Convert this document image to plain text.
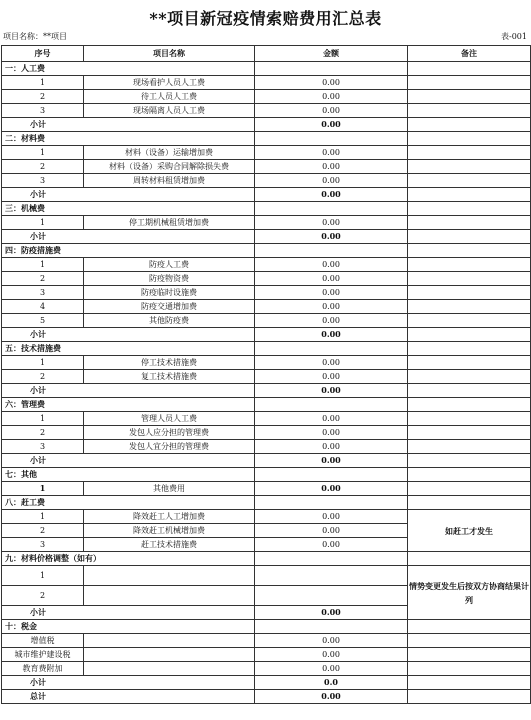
**项目新冠疫情索赔费用汇总表
项目名称：**项目	表-001
序号	项目名称	金额	备注
一：人工费			
1	现场看护人员人工费	0.00	
2	待工人员人工费	0.00	
3	现场隔离人员人工费	0.00	
小计		0.00	
二：材料费			
1	材料（设备）运输增加费	0.00	
2	材料（设备）采购合同解除损失费	0.00	
3	周转材料租赁增加费	0.00	
小计		0.00	
三：机械费			
1	停工期机械租赁增加费	0.00	
小计		0.00	
四：防疫措施费			
1	防疫人工费	0.00	
2	防疫物资费	0.00	
3	防疫临时设施费	0.00	
4	防疫交通增加费	0.00	
5	其他防疫费	0.00	
小计		0.00	
五：技术措施费			
1	停工技术措施费	0.00	
2	复工技术措施费	0.00	
小计		0.00	
六：管理费			
1	管理人员人工费	0.00	
2	发包人应分担的管理费	0.00	
3	发包人宜分担的管理费	0.00	
小计		0.00	
七：其他			
1	其他费用	0.00	
八：赶工费			
1	降效赶工人工增加费	0.00	如赶工才发生
2	降效赶工机械增加费	0.00	
3	赶工技术措施费	0.00	
九：材料价格调整（如有）			
1			情势变更发生后按双方协商结果计列
2			
小计		0.00	
十：税金			
增值税		0.00	
城市维护建设税		0.00	
教育费附加		0.00	
小计		0.0	
总计		0.00	
